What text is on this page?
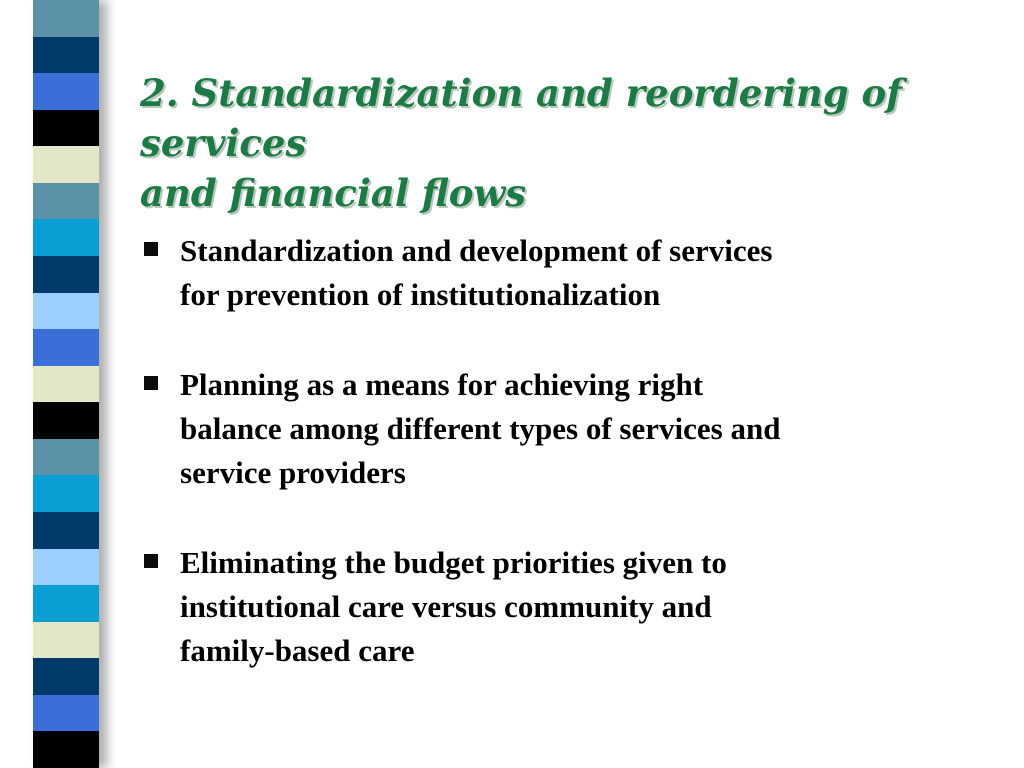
2. Standardization and reordering of services
and financial flows
Standardization and development of services
for prevention of institutionalization
Planning as a means for achieving right
balance among different types of services and
service providers
Eliminating the budget priorities given to
institutional care versus community and
family-based care
